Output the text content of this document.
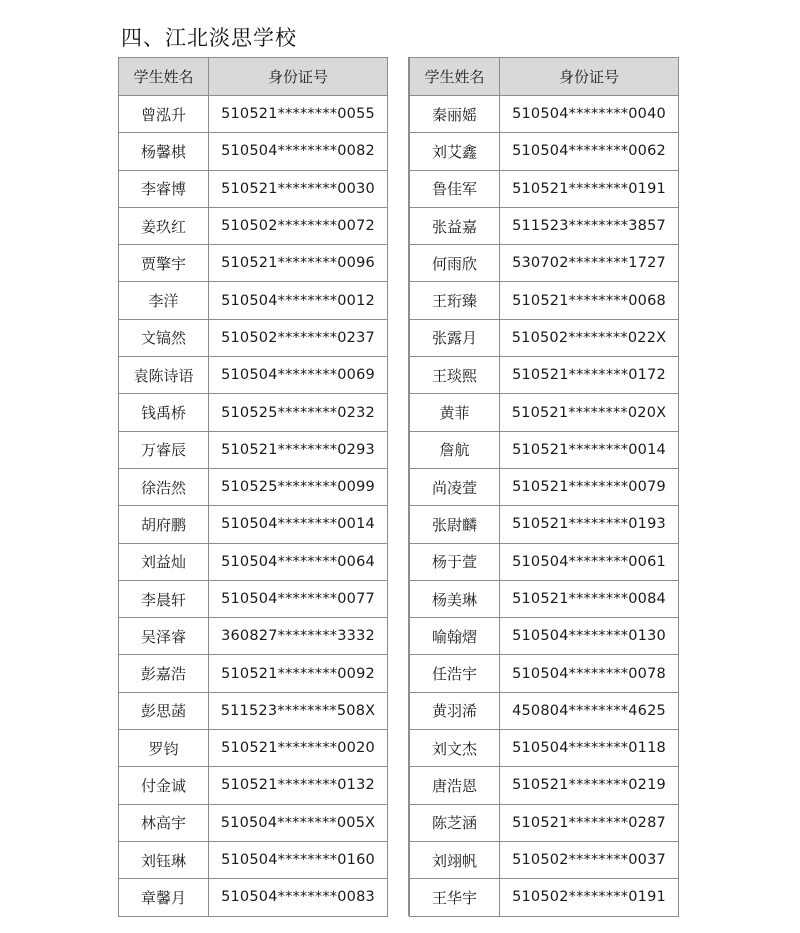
四、江北淡思学校
学生姓名	身份证号
曾泓升	510521********0055
杨馨棋	510504********0082
李睿博	510521********0030
姜玖红	510502********0072
贾擎宇	510521********0096
李洋	510504********0012
文镐然	510502********0237
袁陈诗语	510504********0069
钱禹桥	510525********0232
万睿辰	510521********0293
徐浩然	510525********0099
胡府鹏	510504********0014
刘益灿	510504********0064
李晨轩	510504********0077
吴泽睿	360827********3332
彭嘉浩	510521********0092
彭思菡	511523********508X
罗钧	510521********0020
付金诚	510521********0132
林高宇	510504********005X
刘钰琳	510504********0160
章馨月	510504********0083
学生姓名	身份证号
秦丽媱	510504********0040
刘艾鑫	510504********0062
鲁佳军	510521********0191
张益嘉	511523********3857
何雨欣	530702********1727
王珩臻	510521********0068
张露月	510502********022X
王琰熙	510521********0172
黄菲	510521********020X
詹航	510521********0014
尚凌萱	510521********0079
张尉麟	510521********0193
杨于萱	510504********0061
杨美琳	510521********0084
喻翰熠	510504********0130
任浩宇	510504********0078
黄羽浠	450804********4625
刘文杰	510504********0118
唐浩恩	510521********0219
陈芝涵	510521********0287
刘翊帆	510502********0037
王华宇	510502********0191
